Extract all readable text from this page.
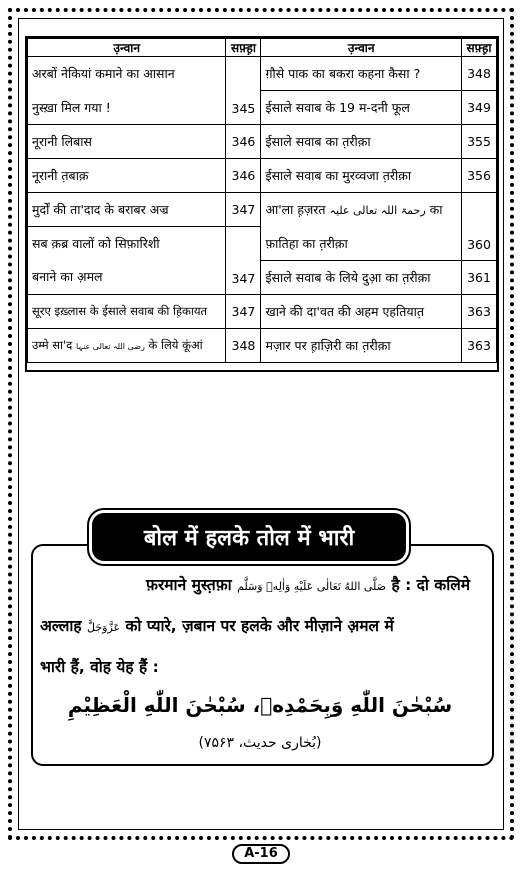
उ़न्वान	सफ़्ह़ा	उ़न्वान	सफ़्ह़ा
अरबों नेकियां कमाने का आसान	345	ग़ौसे पाक का बकरा कहना कैसा ?	348
नुस्ख़ा मिल गया !		ईसाले सवाब के 19 म-दनी फूल	349
नूरानी लिबास	346	ईसाले सवाब का त़रीक़ा	355
नूरानी त़बाक़	346	ईसाले सवाब का मुरव्वजा त़रीक़ा	356
मुर्दों की ता'दाद के बराबर अज्र	347	आ'ला ह़ज़रत رحمۃ اللہ تعالی علیہ का	360
सब क़ब्र वालों को सिफ़ारिशी	347	फ़ातिहा का त़रीक़ा	
बनाने का अ़मल		ईसाले सवाब के लिये दुआ़ का त़रीक़ा	361
सूरए इख़्लास के ईसाले सवाब की ह़िकायत	347	खाने की दा'वत की अहम एहतियात़	363
उम्मे सा'द رضی اللہ تعالی عنہا के लिये कूंआं	348	मज़ार पर ह़ाज़िरी का त़रीक़ा	363
बोल में हलके तोल में भारी
फ़रमाने मुस्त़फ़ा صَلَّى اللهُ تَعَالٰى عَلَيْهِ وَاٰلِهٖ وَسَلَّم है : दो कलिमे
अल्लाह عَزَّوَجَلَّ को प्यारे, ज़बान पर हलके और मीज़ाने अ़मल में
भारी हैं, वोह येह हैं :
سُبْحٰنَ اللّٰهِ وَبِحَمْدِهٖ، سُبْحٰنَ اللّٰهِ الْعَظِيْمِ
(بُخاری حدیث، ۷۵۶۳)
A-16
